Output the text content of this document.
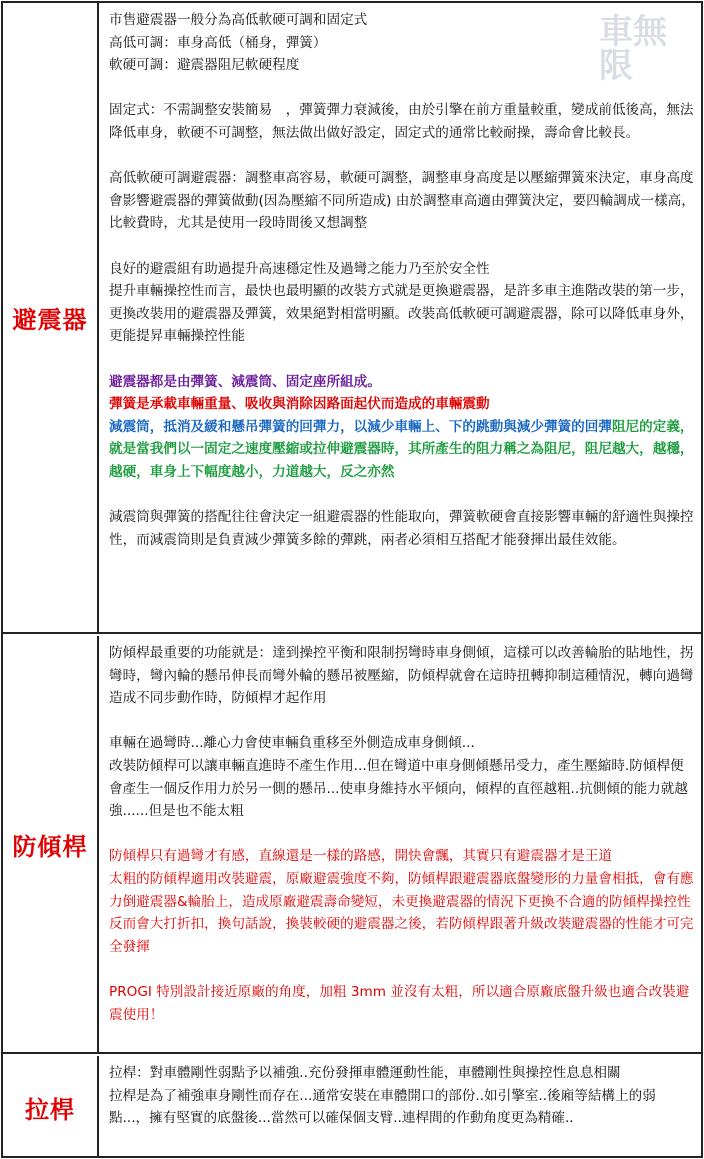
避震器

市售避震器一般分為高低軟硬可調和固定式

高低可調：車身高低（桶身，彈簧）

軟硬可調：避震器阻尼軟硬程度

固定式：不需調整安裝簡易　，彈簧彈力衰減後，由於引擎在前方重量較重，變成前低後高，無法降低車身，軟硬不可調整，無法做出做好設定，固定式的通常比較耐操，壽命會比較長。

高低軟硬可調避震器：調整車高容易，軟硬可調整，調整車身高度是以壓縮彈簧來決定，車身高度會影響避震器的彈簧做動(因為壓縮不同所造成) 由於調整車高適由彈簧決定，要四輪調成一樣高，比較費時，尤其是使用一段時間後又想調整

良好的避震組有助過提升高速穩定性及過彎之能力乃至於安全性

提升車輛操控性而言，最快也最明顯的改裝方式就是更換避震器，是許多車主進階改裝的第一步，更換改裝用的避震器及彈簧，效果絕對相當明顯。改裝高低軟硬可調避震器，除可以降低車身外，更能提昇車輛操控性能

避震器都是由彈簧、減震筒、固定座所組成。

彈簧是承載車輛重量、吸收與消除因路面起伏而造成的車輛震動

減震筒，抵消及緩和懸吊彈簧的回彈力，以減少車輛上、下的跳動與減少彈簧的回彈阻尼的定義，就是當我們以一固定之速度壓縮或拉伸避震器時，其所產生的阻力稱之為阻尼，阻尼越大，越穩，越硬，車身上下幅度越小，力道越大，反之亦然

減震筒與彈簧的搭配往往會決定一組避震器的性能取向，彈簧軟硬會直接影響車輛的舒適性與操控性，而減震筒則是負責減少彈簧多餘的彈跳，兩者必須相互搭配才能發揮出最佳效能。

車無限
防傾桿

防傾桿最重要的功能就是：達到操控平衡和限制拐彎時車身側傾，這樣可以改善輪胎的貼地性，拐彎時，彎內輪的懸吊伸長而彎外輪的懸吊被壓縮，防傾桿就會在這時扭轉抑制這種情況，轉向過彎造成不同步動作時，防傾桿才起作用

車輛在過彎時...離心力會使車輛負重移至外側造成車身側傾...

改裝防傾桿可以讓車輛直進時不產生作用...但在彎道中車身側傾懸吊受力，產生壓縮時.防傾桿便會產生一個反作用力於另一側的懸吊...使車身維持水平傾向，傾桿的直徑越粗..抗側傾的能力就越強......但是也不能太粗

防傾桿只有過彎才有感，直線還是一樣的路感，開快會飄，其實只有避震器才是王道

太粗的防傾桿適用改裝避震，原廠避震強度不夠，防傾桿跟避震器底盤變形的力量會相抵，會有應力倒避震器&輪胎上，造成原廠避震壽命變短，未更換避震器的情況下更換不合適的防傾桿操控性反而會大打折扣，換句話說，換裝較硬的避震器之後，若防傾桿跟著升級改裝避震器的性能才可完全發揮

PROGI 特別設計接近原廠的角度，加粗 3mm 並沒有太粗，所以適合原廠底盤升級也適合改裝避震使用！

拉桿

拉桿：對車體剛性弱點予以補強..充份發揮車體運動性能，車體剛性與操控性息息相關

拉桿是為了補強車身剛性而存在...通常安裝在車體開口的部份..如引擎室..後廂等結構上的弱點...，擁有堅實的底盤後...當然可以確保個支臂..連桿間的作動角度更為精確..
